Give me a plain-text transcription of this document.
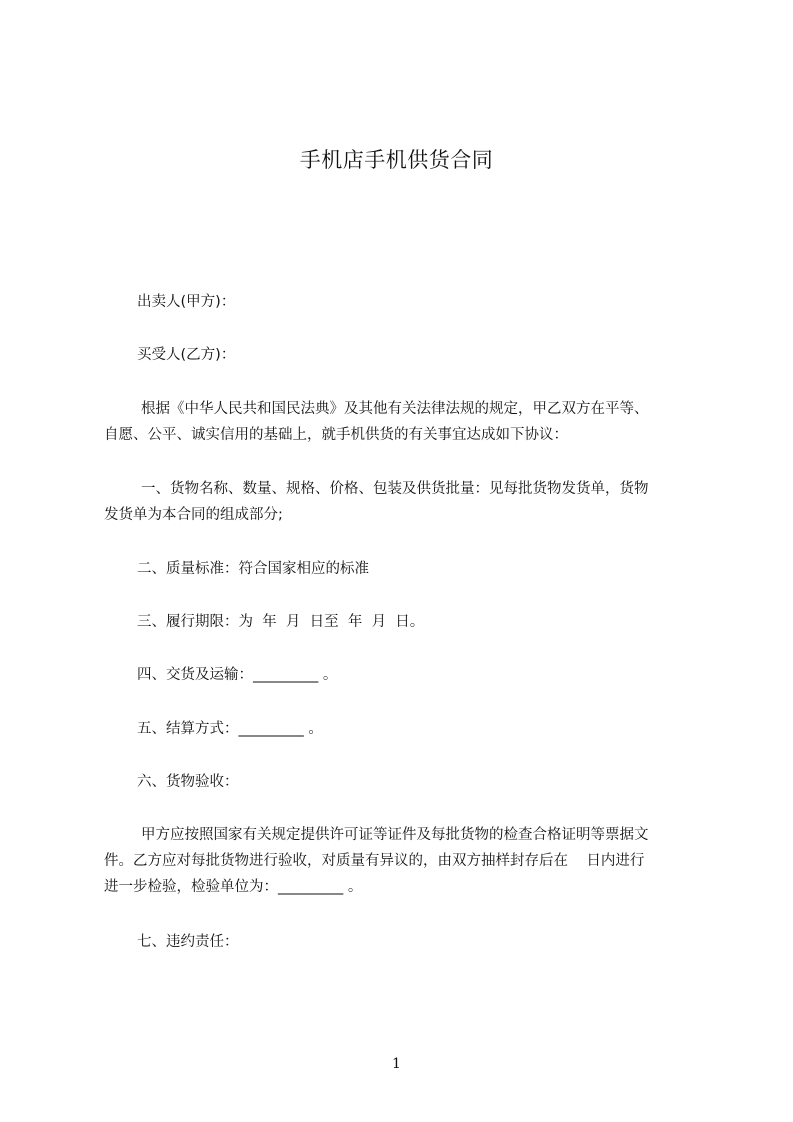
手机店手机供货合同

出卖人(甲方)：

买受人(乙方)：

根据《中华人民共和国民法典》及其他有关法律法规的规定，甲乙双方在平等、

自愿、公平、诚实信用的基础上，就手机供货的有关事宜达成如下协议：

一、货物名称、数量、规格、价格、包装及供货批量：见每批货物发货单，货物

发货单为本合同的组成部分;

二、质量标准：符合国家相应的标准

三、履行期限：为  年  月  日至  年  月  日。

四、交货及运输：_________ 。

五、结算方式：_________ 。

六、货物验收：

甲方应按照国家有关规定提供许可证等证件及每批货物的检查合格证明等票据文

件。乙方应对每批货物进行验收，对质量有异议的，由双方抽样封存后在    日内进行

进一步检验，检验单位为：_________ 。

七、违约责任：

1
